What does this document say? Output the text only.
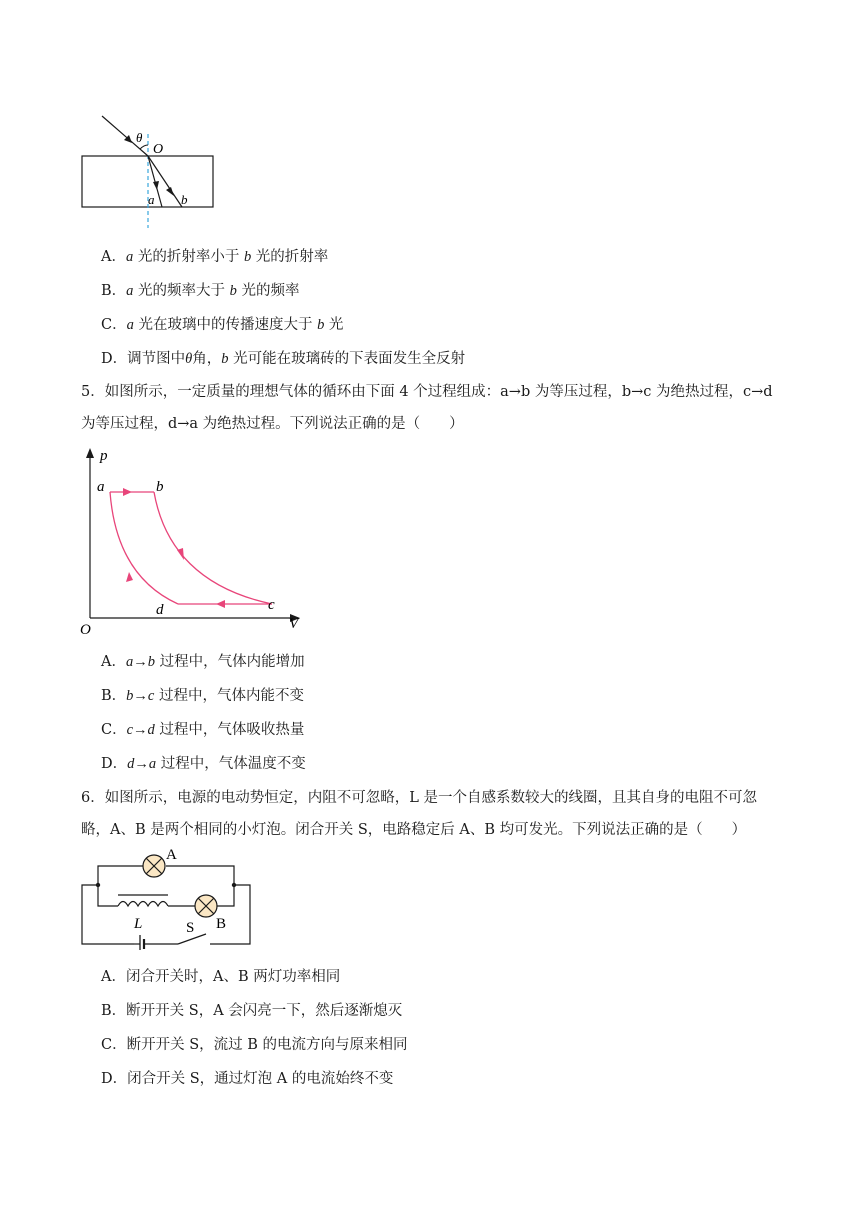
θ
O
a b
A．a 光的折射率小于 b 光的折射率
B．a 光的频率大于 b 光的频率
C．a 光在玻璃中的传播速度大于 b 光
D．调节图中θ角，b 光可能在玻璃砖的下表面发生全反射
5．如图所示，一定质量的理想气体的循环由下面 4 个过程组成：a→b 为等压过程，b→c 为绝热过程，c→d
为等压过程，d→a 为绝热过程。下列说法正确的是（　　）
p
V
O
a	b
c
d
A．a→b 过程中，气体内能增加
B．b→c 过程中，气体内能不变
C．c→d 过程中，气体吸收热量
D．d→a 过程中，气体温度不变
6．如图所示，电源的电动势恒定，内阻不可忽略，L 是一个自感系数较大的线圈，且其自身的电阻不可忽
略，A、B 是两个相同的小灯泡。闭合开关 S，电路稳定后 A、B 均可发光。下列说法正确的是（　　）
A
L	B
S
A．闭合开关时，A、B 两灯功率相同
B．断开开关 S，A 会闪亮一下，然后逐渐熄灭
C．断开开关 S，流过 B 的电流方向与原来相同
D．闭合开关 S，通过灯泡 A 的电流始终不变
